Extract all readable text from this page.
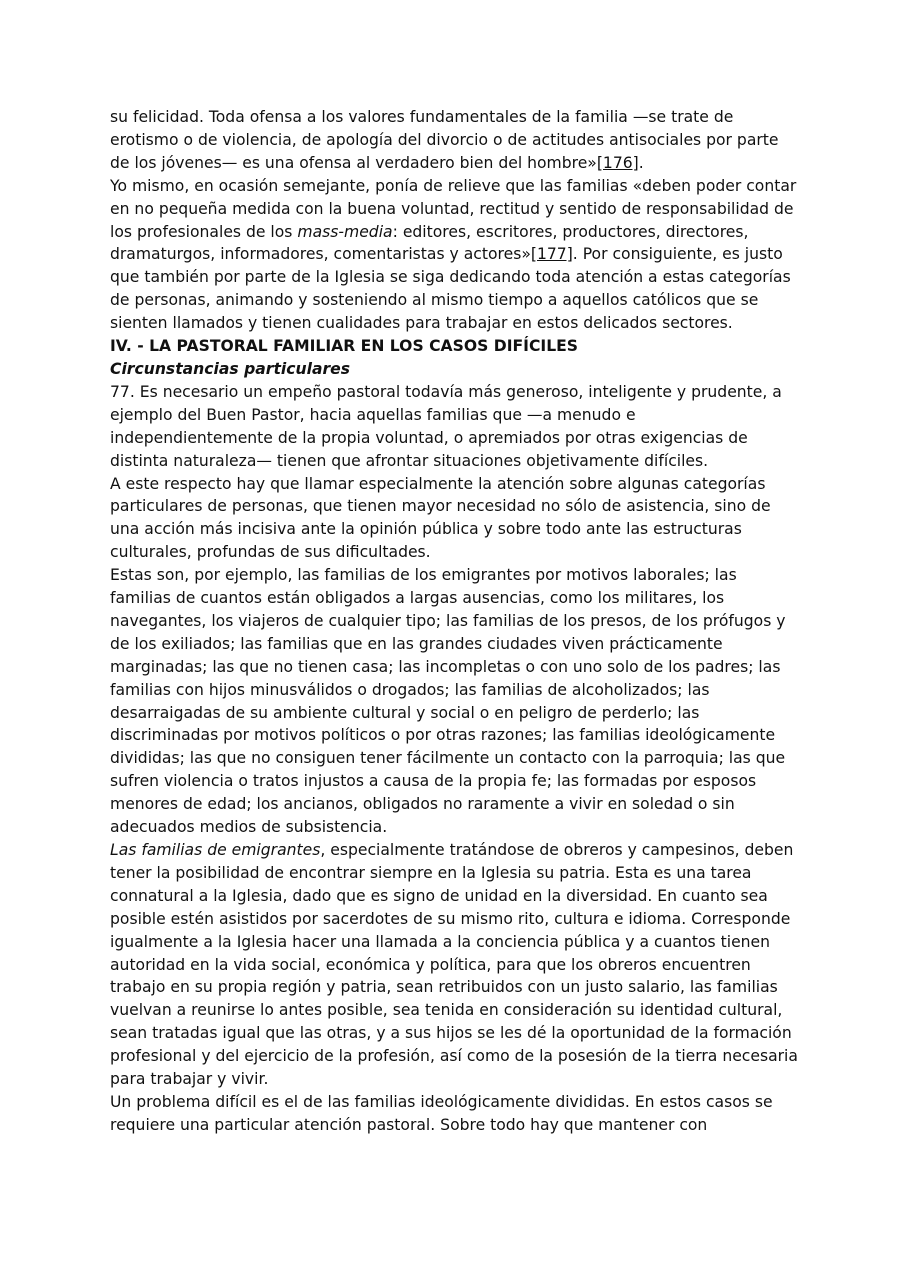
su felicidad. Toda ofensa a los valores fundamentales de la familia —se trate de erotismo o de violencia, de apología del divorcio o de actitudes antisociales por parte de los jóvenes— es una ofensa al verdadero bien del hombre»[176].

Yo mismo, en ocasión semejante, ponía de relieve que las familias «deben poder contar en no pequeña medida con la buena voluntad, rectitud y sentido de responsabilidad de los profesionales de los mass-media: editores, escritores, productores, directores, dramaturgos, informadores, comentaristas y actores»[177]. Por consiguiente, es justo que también por parte de la Iglesia se siga dedicando toda atención a estas categorías de personas, animando y sosteniendo al mismo tiempo a aquellos católicos que se sienten llamados y tienen cualidades para trabajar en estos delicados sectores.

IV. - LA PASTORAL FAMILIAR EN LOS CASOS DIFÍCILES

Circunstancias particulares

77. Es necesario un empeño pastoral todavía más generoso, inteligente y prudente, a ejemplo del Buen Pastor, hacia aquellas familias que —a menudo e independientemente de la propia voluntad, o apremiados por otras exigencias de distinta naturaleza— tienen que afrontar situaciones objetivamente difíciles.

A este respecto hay que llamar especialmente la atención sobre algunas categorías particulares de personas, que tienen mayor necesidad no sólo de asistencia, sino de una acción más incisiva ante la opinión pública y sobre todo ante las estructuras culturales, profundas de sus dificultades.

Estas son, por ejemplo, las familias de los emigrantes por motivos laborales; las familias de cuantos están obligados a largas ausencias, como los militares, los navegantes, los viajeros de cualquier tipo; las familias de los presos, de los prófugos y de los exiliados; las familias que en las grandes ciudades viven prácticamente marginadas; las que no tienen casa; las incompletas o con uno solo de los padres; las familias con hijos minusválidos o drogados; las familias de alcoholizados; las desarraigadas de su ambiente cultural y social o en peligro de perderlo; las discriminadas por motivos políticos o por otras razones; las familias ideológicamente divididas; las que no consiguen tener fácilmente un contacto con la parroquia; las que sufren violencia o tratos injustos a causa de la propia fe; las formadas por esposos menores de edad; los ancianos, obligados no raramente a vivir en soledad o sin adecuados medios de subsistencia.

Las familias de emigrantes, especialmente tratándose de obreros y campesinos, deben tener la posibilidad de encontrar siempre en la Iglesia su patria. Esta es una tarea connatural a la Iglesia, dado que es signo de unidad en la diversidad. En cuanto sea posible estén asistidos por sacerdotes de su mismo rito, cultura e idioma. Corresponde igualmente a la Iglesia hacer una llamada a la conciencia pública y a cuantos tienen autoridad en la vida social, económica y política, para que los obreros encuentren trabajo en su propia región y patria, sean retribuidos con un justo salario, las familias vuelvan a reunirse lo antes posible, sea tenida en consideración su identidad cultural, sean tratadas igual que las otras, y a sus hijos se les dé la oportunidad de la formación profesional y del ejercicio de la profesión, así como de la posesión de la tierra necesaria para trabajar y vivir.

Un problema difícil es el de las familias ideológicamente divididas. En estos casos se requiere una particular atención pastoral. Sobre todo hay que mantener con
